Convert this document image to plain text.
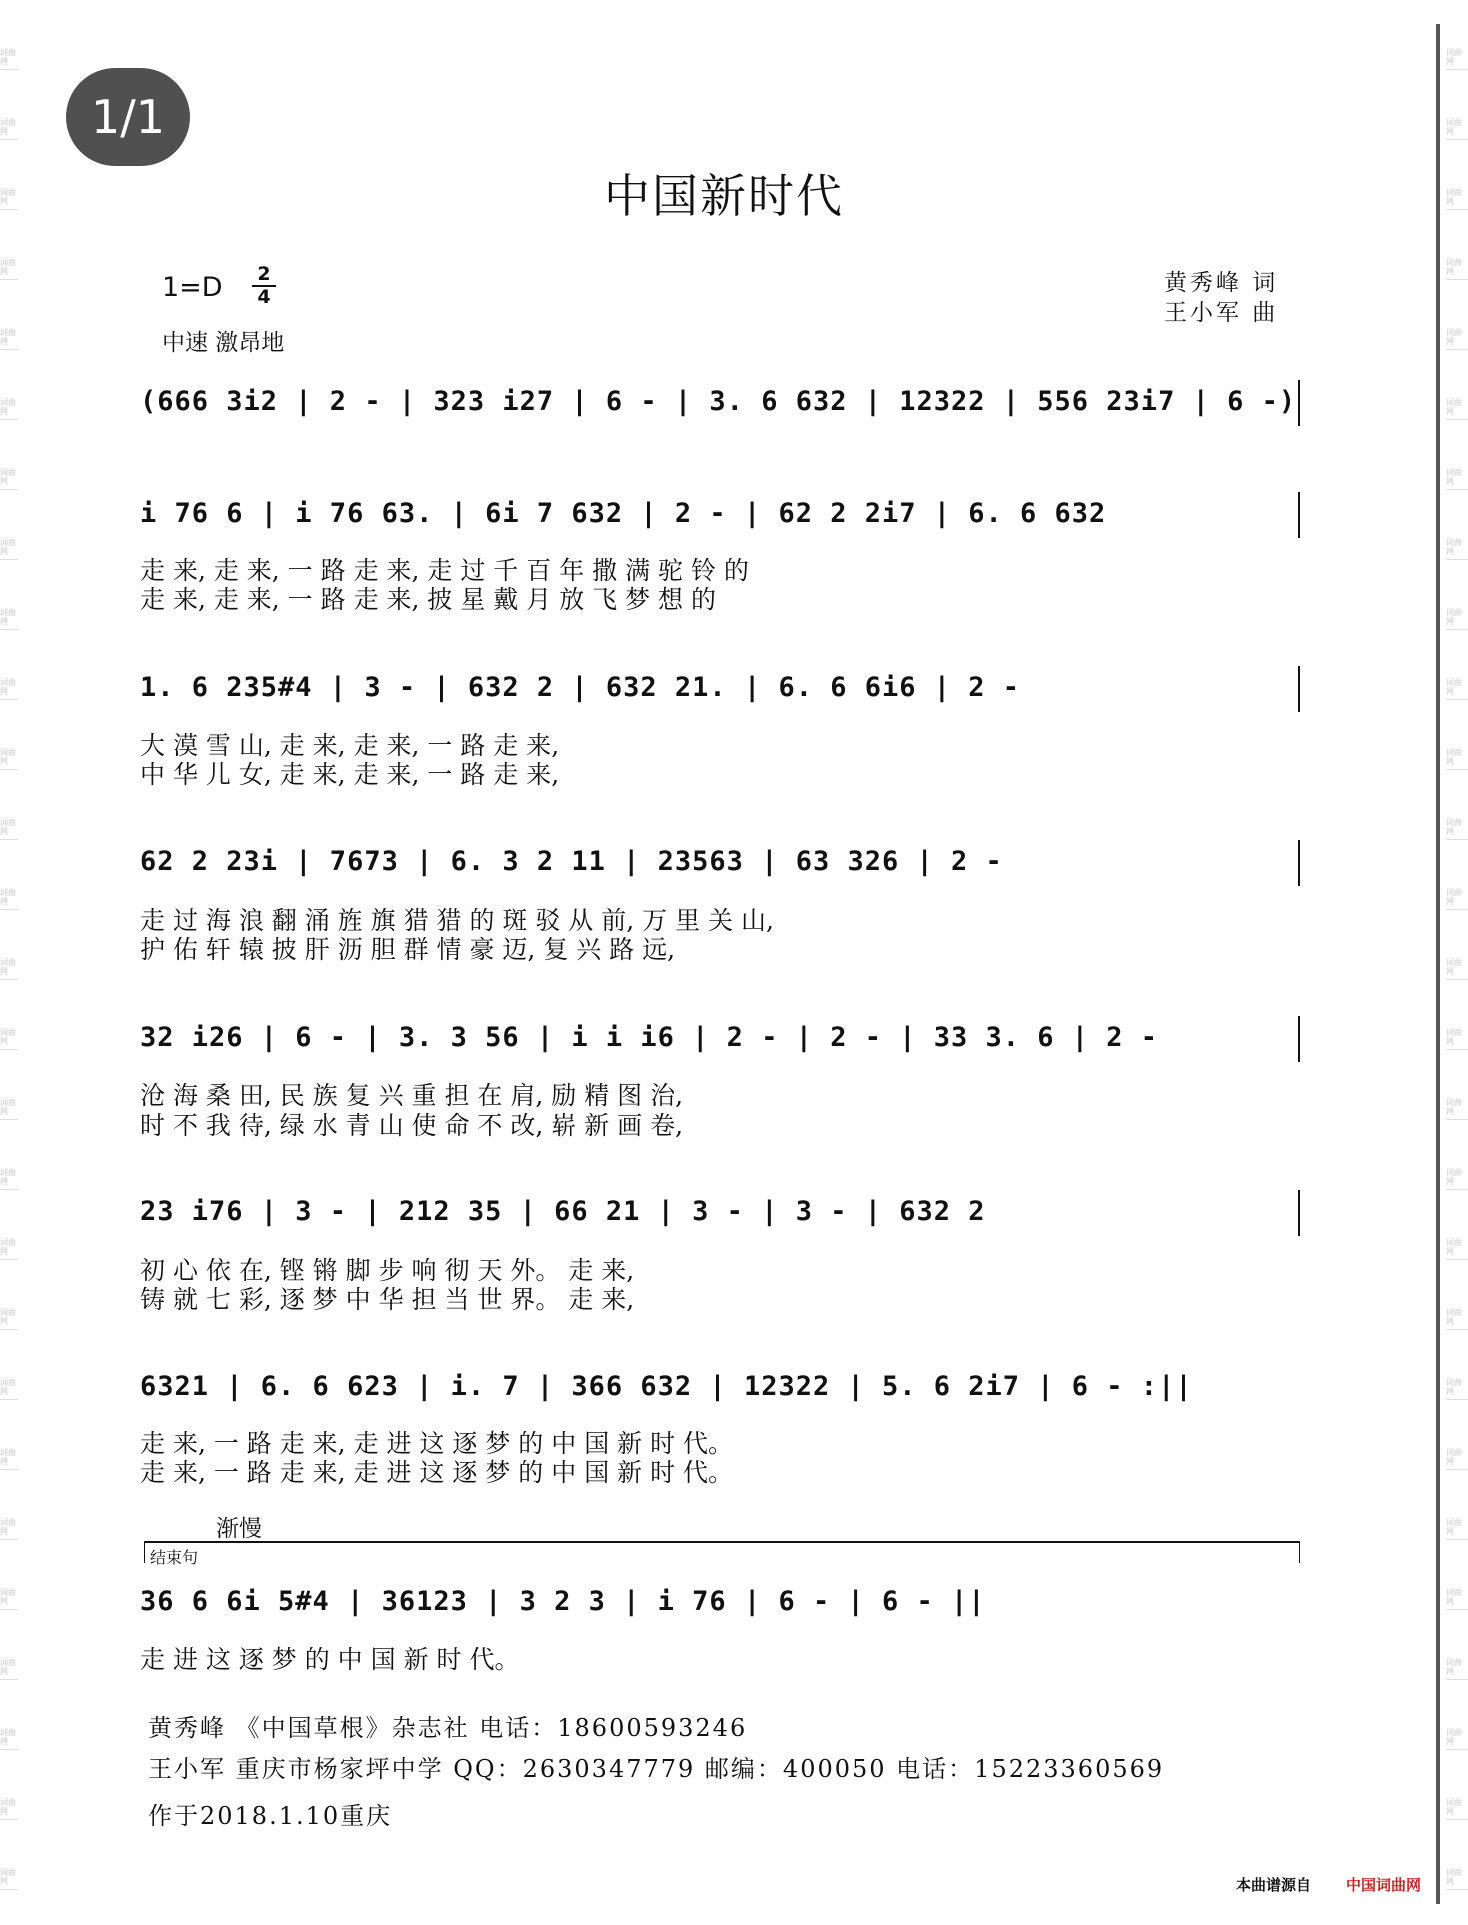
词曲网
词曲网
词曲网
词曲网
词曲网
词曲网
词曲网
词曲网
词曲网
词曲网
词曲网
词曲网
词曲网
词曲网
词曲网
词曲网
词曲网
词曲网
词曲网
词曲网
词曲网
词曲网
词曲网
词曲网
词曲网
词曲网
词曲网
词曲网
词曲网
词曲网
词曲网
词曲网
词曲网
词曲网
词曲网
词曲网
词曲网
词曲网
词曲网
词曲网
词曲网
词曲网
词曲网
词曲网
词曲网
词曲网
词曲网
词曲网
词曲网
词曲网
词曲网
词曲网
词曲网
词曲网
1/1
中国新时代
1=D 2
4
中速 激昂地
黄秀峰 词
王小军 曲
(666 3i2 | 2 - | 323 i27 | 6 - | 3. 6 632 | 12322 | 556 23i7 | 6 -)
i 76 6 | i 76 63. | 6i 7 632 | 2 - | 62 2 2i7 | 6. 6 632
走 来, 走 来, 一 路 走 来, 走 过 千 百 年 撒 满 驼 铃 的
走 来, 走 来, 一 路 走 来, 披 星 戴 月 放 飞 梦 想 的
1. 6 235#4 | 3 - | 632 2 | 632 21. | 6. 6 6i6 | 2 -
大 漠 雪 山, 走 来, 走 来, 一 路 走 来,
中 华 儿 女, 走 来, 走 来, 一 路 走 来,
62 2 23i | 7673 | 6. 3 2 11 | 23563 | 63 326 | 2 -
走 过 海 浪 翻 涌 旌 旗 猎 猎 的 斑 驳 从 前, 万 里 关 山,
护 佑 轩 辕 披 肝 沥 胆 群 情 豪 迈, 复 兴 路 远,
32 i26 | 6 - | 3. 3 56 | i i i6 | 2 - | 2 - | 33 3. 6 | 2 -
沧 海 桑 田, 民 族 复 兴 重 担 在 肩, 励 精 图 治,
时 不 我 待, 绿 水 青 山 使 命 不 改, 崭 新 画 卷,
23 i76 | 3 - | 212 35 | 66 21 | 3 - | 3 - | 632 2
初 心 依 在, 铿 锵 脚 步 响 彻 天 外。 走 来,
铸 就 七 彩, 逐 梦 中 华 担 当 世 界。 走 来,
6321 | 6. 6 623 | i. 7 | 366 632 | 12322 | 5. 6 2i7 | 6 - :||
走 来, 一 路 走 来, 走 进 这 逐 梦 的 中 国 新 时 代。
走 来, 一 路 走 来, 走 进 这 逐 梦 的 中 国 新 时 代。
渐慢
结束句
36 6 6i 5#4 | 36123 | 3 2 3 | i 76 | 6 - | 6 - ||
走 进 这 逐 梦 的 中 国 新 时 代。
黄秀峰 《中国草根》杂志社 电话：18600593246
王小军 重庆市杨家坪中学 QQ：2630347779 邮编：400050 电话：15223360569
作于2018.1.10重庆
本曲谱源自 中国词曲网
